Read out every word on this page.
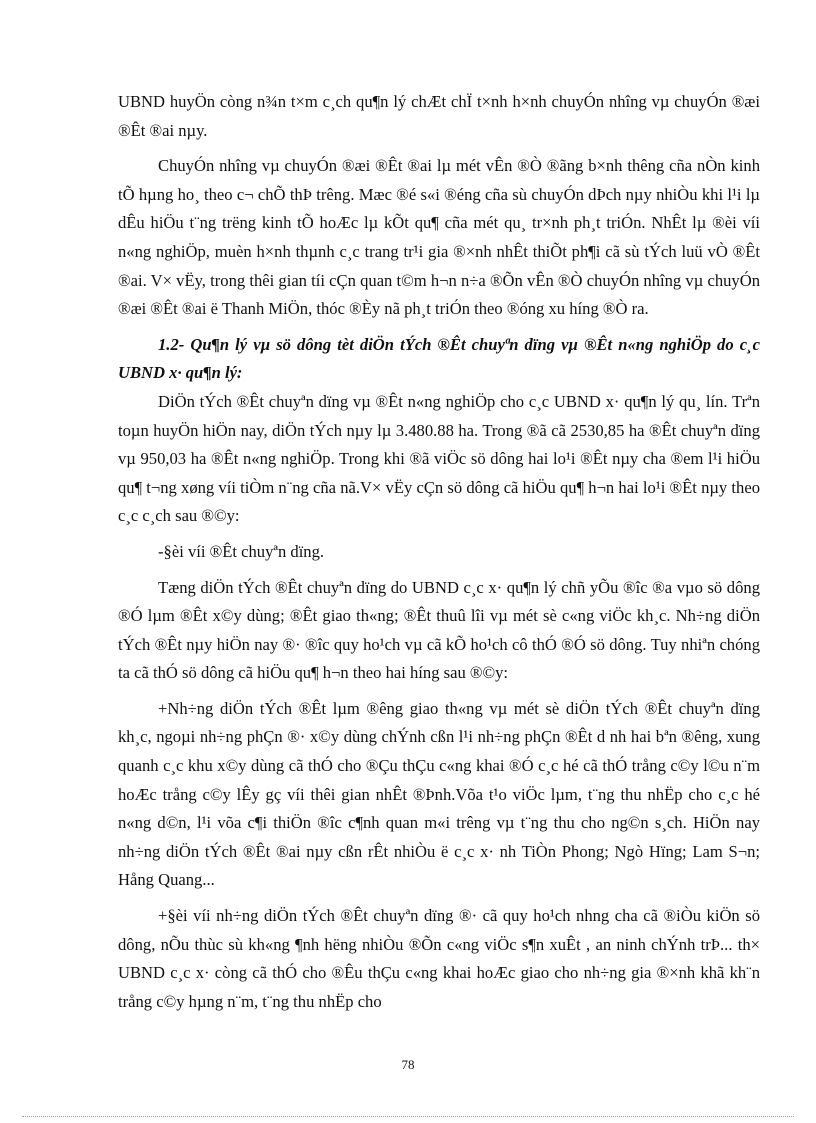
UBND huyÖn còng n¾n t×m c¸ch qu¶n lý chÆt chÏ t×nh h×nh chuyÓn nhîng vµ chuyÓn ®æi ®Êt ®ai nµy.

ChuyÓn nhîng vµ chuyÓn ®æi ®Êt ®ai lµ mét vÊn ®Ò ®ãng b×nh thêng cña nÒn kinh tÕ hµng ho¸ theo c¬ chÕ thÞ trêng. Mæc ®é s«i ®éng cña sù chuyÓn dÞch nµy nhiÒu khi l¹i lµ dÊu hiÖu t¨ng trëng kinh tÕ hoÆc lµ kÕt qu¶ cña mét qu¸ tr×nh ph¸t triÓn. NhÊt lµ ®èi víi n«ng nghiÖp, muèn h×nh thµnh c¸c trang tr¹i gia ®×nh nhÊt thiÕt ph¶i cã sù tÝch luü vÒ ®Êt ®ai. V× vËy, trong thêi gian tíi cÇn quan t©m h¬n n÷a ®Õn vÊn ®Ò chuyÓn nhîng vµ chuyÓn ®æi ®Êt ®ai ë Thanh MiÖn, thóc ®Èy nã ph¸t triÓn theo ®óng xu híng ®Ò ra.

1.2- Qu¶n lý vµ sö dông tèt diÖn tÝch ®Êt chuyªn dïng vµ ®Êt n«ng nghiÖp do c¸c UBND x· qu¶n lý:

DiÖn tÝch ®Êt chuyªn dïng vµ ®Êt n«ng nghiÖp cho c¸c UBND x· qu¶n lý qu¸ lín. Trªn toµn huyÖn hiÖn nay, diÖn tÝch nµy lµ 3.480.88 ha. Trong ®ã cã 2530,85 ha ®Êt chuyªn dïng vµ 950,03 ha ®Êt n«ng nghiÖp. Trong khi ®ã viÖc sö dông hai lo¹i ®Êt nµy cha ®em l¹i hiÖu qu¶ t¬ng xøng víi tiÒm n¨ng cña nã.V× vËy cÇn sö dông cã hiÖu qu¶ h¬n hai lo¹i ®Êt nµy theo c¸c c¸ch sau ®©y:

-§èi víi ®Êt chuyªn dïng.

Tæng diÖn tÝch ®Êt chuyªn dïng do UBND c¸c x· qu¶n lý chñ yÕu ®îc ®a vµo sö dông ®Ó lµm ®Êt x©y dùng; ®Êt giao th«ng; ®Êt thuû lîi vµ mét sè c«ng viÖc kh¸c. Nh÷ng diÖn tÝch ®Êt nµy hiÖn nay ®· ®îc quy ho¹ch vµ cã kÕ ho¹ch cô thÓ ®Ó sö dông. Tuy nhiªn chóng ta cã thÓ sö dông cã hiÖu qu¶ h¬n theo hai híng sau ®©y:

+Nh÷ng diÖn tÝch ®Êt lµm ®êng giao th«ng vµ mét sè diÖn tÝch ®Êt chuyªn dïng kh¸c, ngoµi nh÷ng phÇn ®· x©y dùng chÝnh cßn l¹i nh÷ng phÇn ®Êt d nh hai bªn ®êng, xung quanh c¸c khu x©y dùng cã thÓ cho ®Çu thÇu c«ng khai ®Ó c¸c hé cã thÓ trång c©y l©u n¨m hoÆc trång c©y lÊy gç víi thêi gian nhÊt ®Þnh.Võa t¹o viÖc lµm, t¨ng thu nhËp cho c¸c hé n«ng d©n, l¹i võa c¶i thiÖn ®îc c¶nh quan m«i trêng vµ t¨ng thu cho ng©n s¸ch. HiÖn nay nh÷ng diÖn tÝch ®Êt ®ai nµy cßn rÊt nhiÒu ë c¸c x· nh TiÒn Phong; Ngò Hïng; Lam S¬n; Hång Quang...

+§èi víi nh÷ng diÖn tÝch ®Êt chuyªn dïng ®· cã quy ho¹ch nhng cha cã ®iÒu kiÖn sö dông, nÕu thùc sù kh«ng ¶nh hëng nhiÒu ®Õn c«ng viÖc s¶n xuÊt , an ninh chÝnh trÞ... th× UBND c¸c x· còng cã thÓ cho ®Êu thÇu c«ng khai hoÆc giao cho nh÷ng gia ®×nh khã kh¨n trång c©y hµng n¨m, t¨ng thu nhËp cho

78
